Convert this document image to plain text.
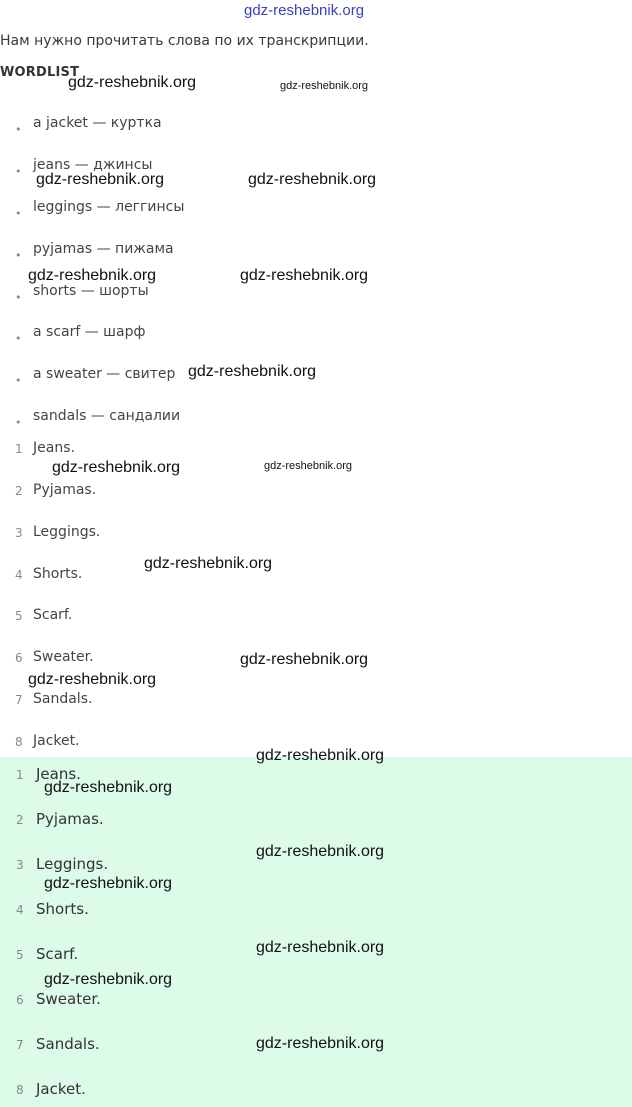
gdz-reshebnik.org
Нам нужно прочитать слова по их транскрипции.
WORDLIST
• a jacket — куртка
• jeans — джинсы
• leggings — леггинсы
• pyjamas — пижама
• shorts — шорты
• a scarf — шарф
• a sweater — свитер
• sandals — сандалии
1 Jeans.
2 Pyjamas.
3 Leggings.
4 Shorts.
5 Scarf.
6 Sweater.
7 Sandals.
8 Jacket.
1 Jeans.
2 Pyjamas.
3 Leggings.
4 Shorts.
5 Scarf.
6 Sweater.
7 Sandals.
8 Jacket.
gdz-reshebnik.org	gdz-reshebnik.org
gdz-reshebnik.org	gdz-reshebnik.org
gdz-reshebnik.org	gdz-reshebnik.org
gdz-reshebnik.org
gdz-reshebnik.org	gdz-reshebnik.org
gdz-reshebnik.org
gdz-reshebnik.org
gdz-reshebnik.org
gdz-reshebnik.org
gdz-reshebnik.org
gdz-reshebnik.org
gdz-reshebnik.org
gdz-reshebnik.org
gdz-reshebnik.org
gdz-reshebnik.org
